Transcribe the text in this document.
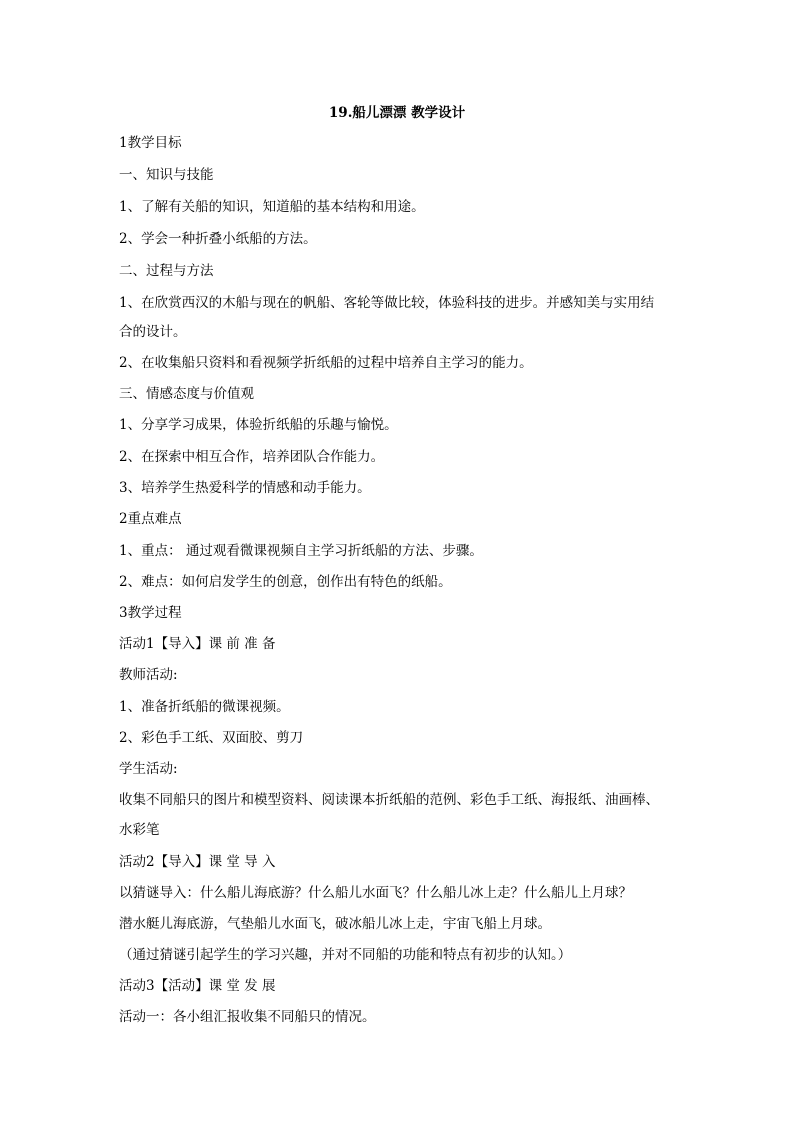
19.船儿漂漂 教学设计
1教学目标
一、知识与技能
1、了解有关船的知识，知道船的基本结构和用途。
2、学会一种折叠小纸船的方法。
二、过程与方法
1、在欣赏西汉的木船与现在的帆船、客轮等做比较，体验科技的进步。并感知美与实用结
合的设计。
2、在收集船只资料和看视频学折纸船的过程中培养自主学习的能力。
三、情感态度与价值观
1、分享学习成果，体验折纸船的乐趣与愉悦。
2、在探索中相互合作，培养团队合作能力。
3、培养学生热爱科学的情感和动手能力。
2重点难点
1、重点： 通过观看微课视频自主学习折纸船的方法、步骤。
2、难点：如何启发学生的创意，创作出有特色的纸船。
3教学过程
活动1【导入】课 前 准 备
教师活动:
1、准备折纸船的微课视频。
2、彩色手工纸、双面胶、剪刀
学生活动:
收集不同船只的图片和模型资料、阅读课本折纸船的范例、彩色手工纸、海报纸、油画棒、
水彩笔
活动2【导入】课 堂 导 入
以猜谜导入：什么船儿海底游？什么船儿水面飞？什么船儿冰上走？什么船儿上月球？
潜水艇儿海底游，气垫船儿水面飞，破冰船儿冰上走，宇宙飞船上月球。
（通过猜谜引起学生的学习兴趣，并对不同船的功能和特点有初步的认知。）
活动3【活动】课 堂 发 展
活动一：各小组汇报收集不同船只的情况。
